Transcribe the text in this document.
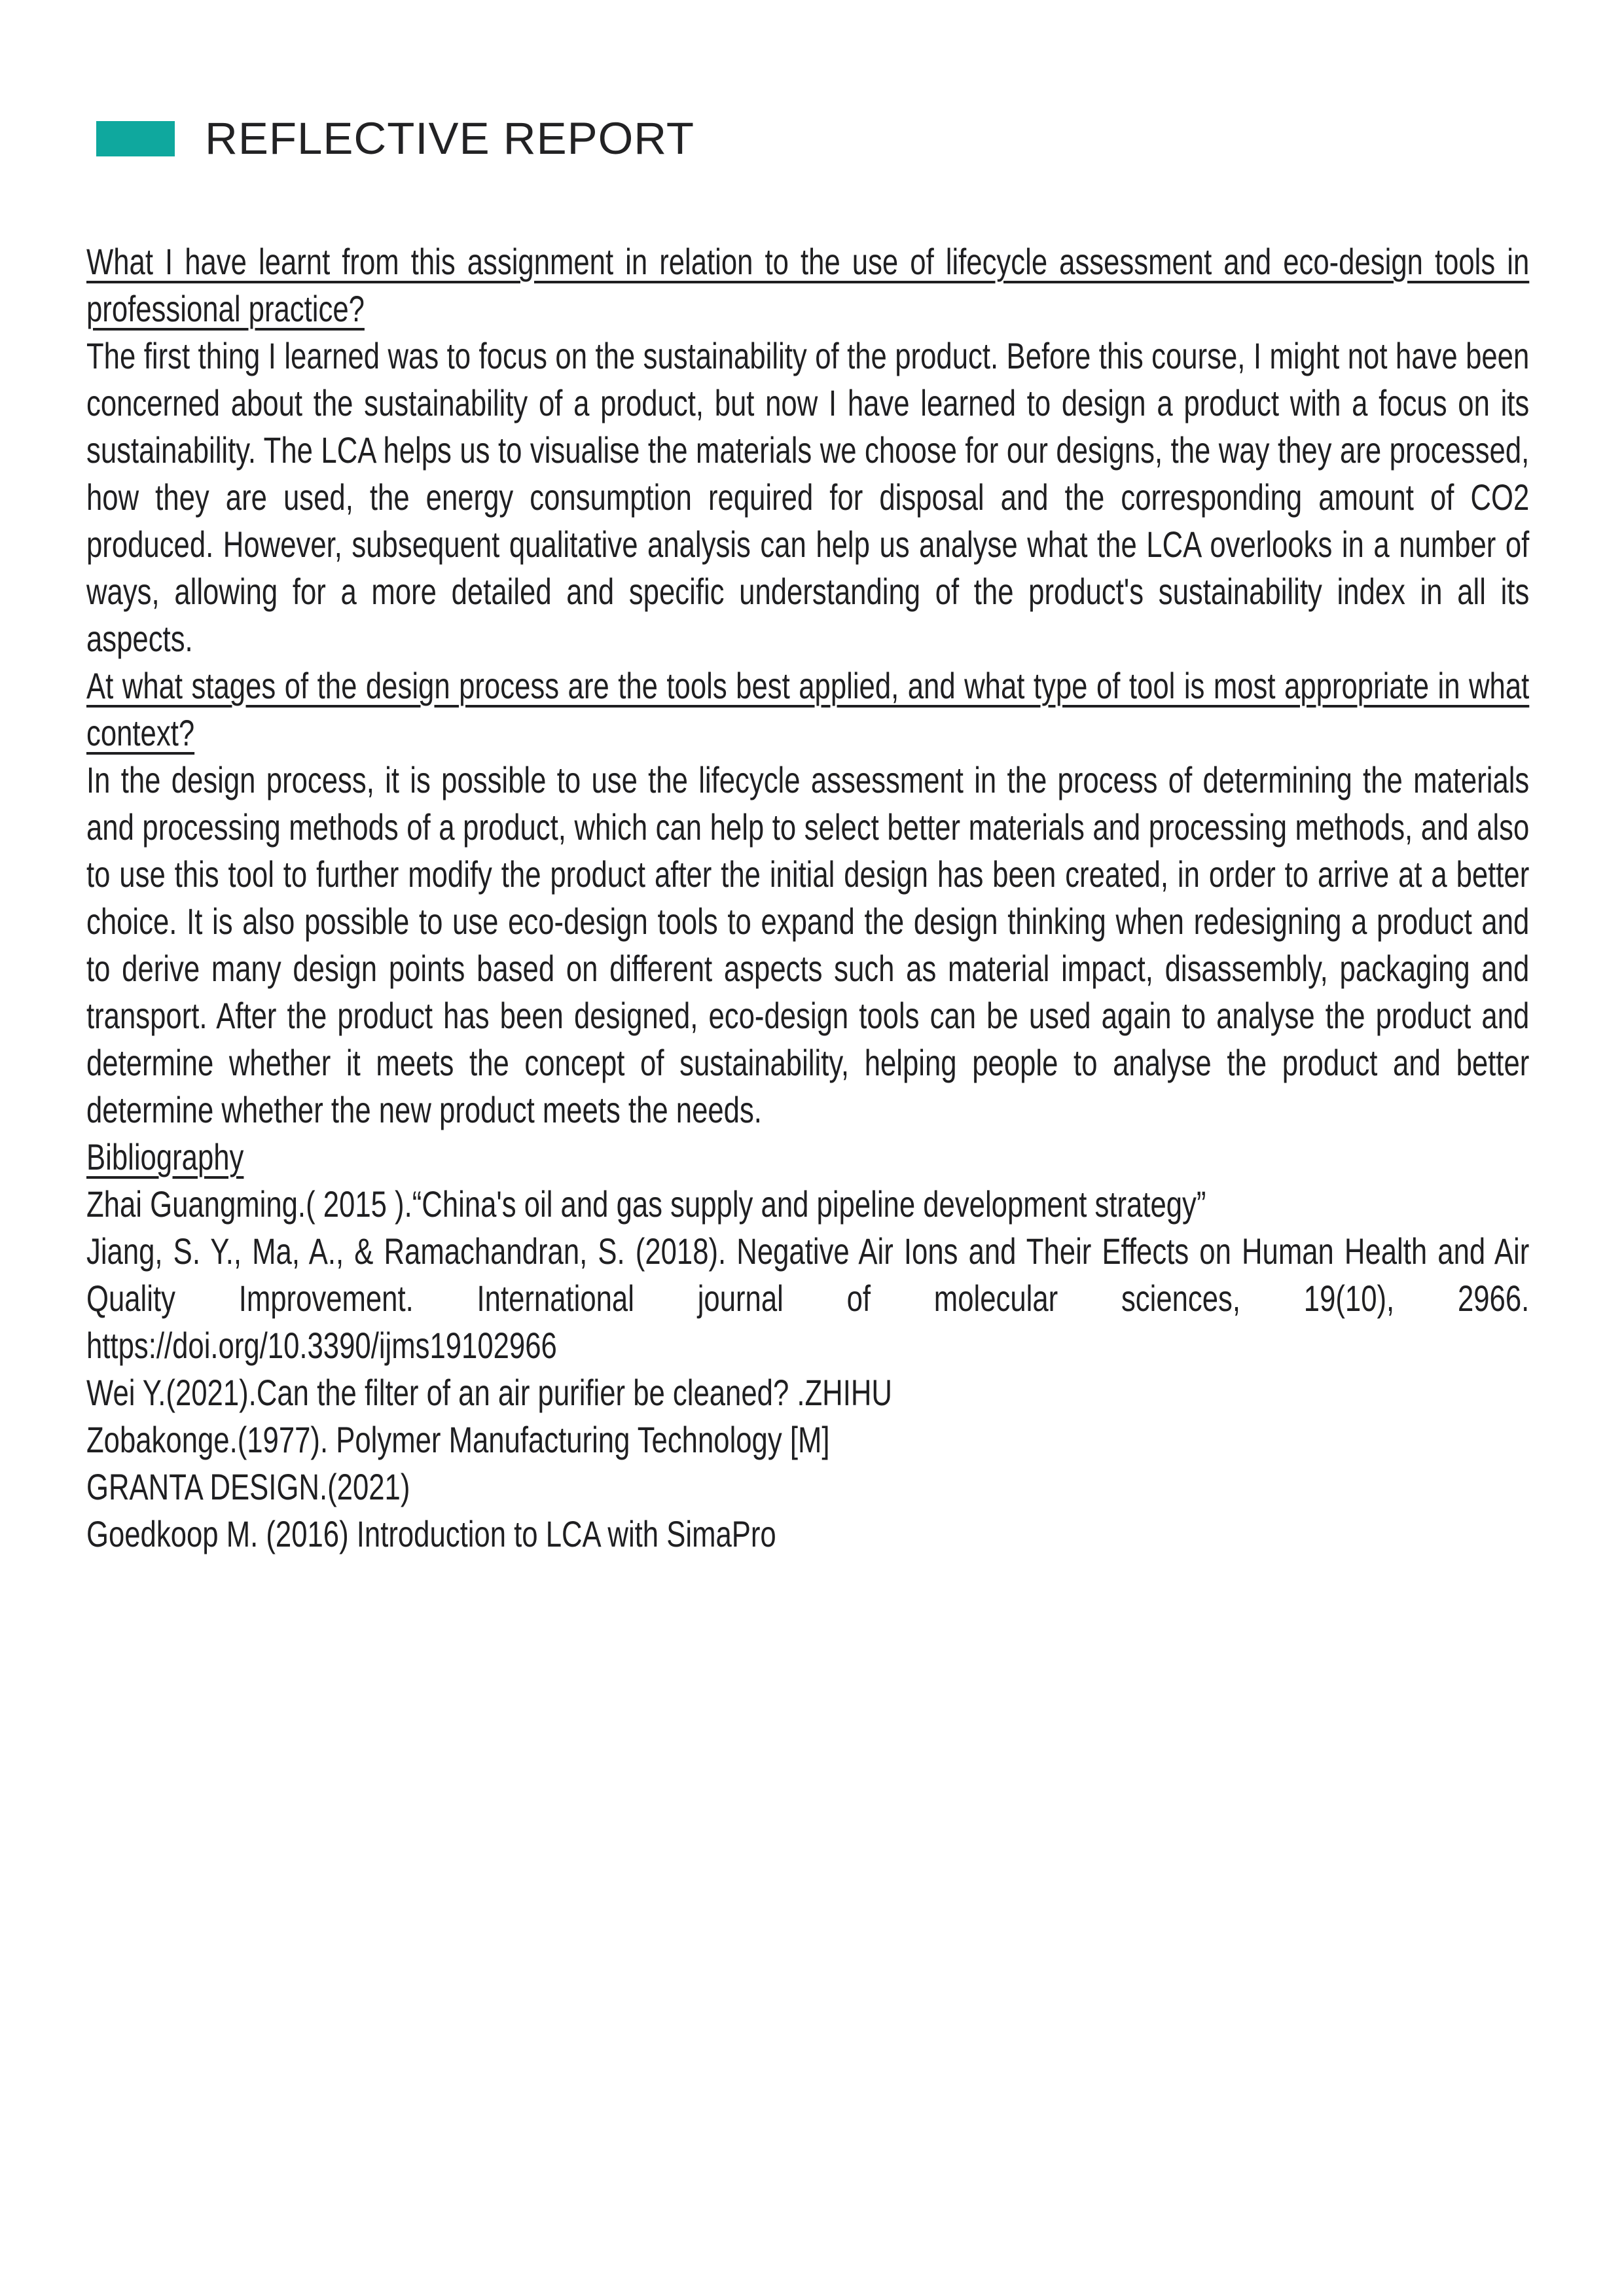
REFLECTIVE REPORT

What I have learnt from this assignment in relation to the use of lifecycle assessment and eco-design tools in professional practice?

The first thing I learned was to focus on the sustainability of the product. Before this course, I might not have been concerned about the sustainability of a product, but now I have learned to design a product with a focus on its sustainability. The LCA helps us to visualise the materials we choose for our designs, the way they are processed, how they are used, the energy consumption required for disposal and the corresponding amount of CO2 produced. However, subsequent qualitative analysis can help us analyse what the LCA overlooks in a number of ways, allowing for a more detailed and specific understanding of the product's sustainability index in all its aspects.

At what stages of the design process are the tools best applied, and what type of tool is most appropriate in what context?

In the design process, it is possible to use the lifecycle assessment in the process of determining the materials and processing methods of a product, which can help to select better materials and processing methods, and also to use this tool to further modify the product after the initial design has been created, in order to arrive at a better choice. It is also possible to use eco-design tools to expand the design thinking when redesigning a product and to derive many design points based on different aspects such as material impact, disassembly, packaging and transport. After the product has been designed, eco-design tools can be used again to analyse the product and determine whether it meets the concept of sustainability, helping people to analyse the product and better determine whether the new product meets the needs.

Bibliography

Zhai Guangming.( 2015 ).“China's oil and gas supply and pipeline development strategy”

Jiang, S. Y., Ma, A., & Ramachandran, S. (2018). Negative Air Ions and Their Effects on Human Health and Air Quality Improvement. International journal of molecular sciences, 19(10), 2966. https://doi.org/10.3390/ijms19102966

Wei Y.(2021).Can the filter of an air purifier be cleaned? .ZHIHU

Zobakonge.(1977). Polymer Manufacturing Technology [M]

GRANTA DESIGN.(2021)

Goedkoop M. (2016) Introduction to LCA with SimaPro
